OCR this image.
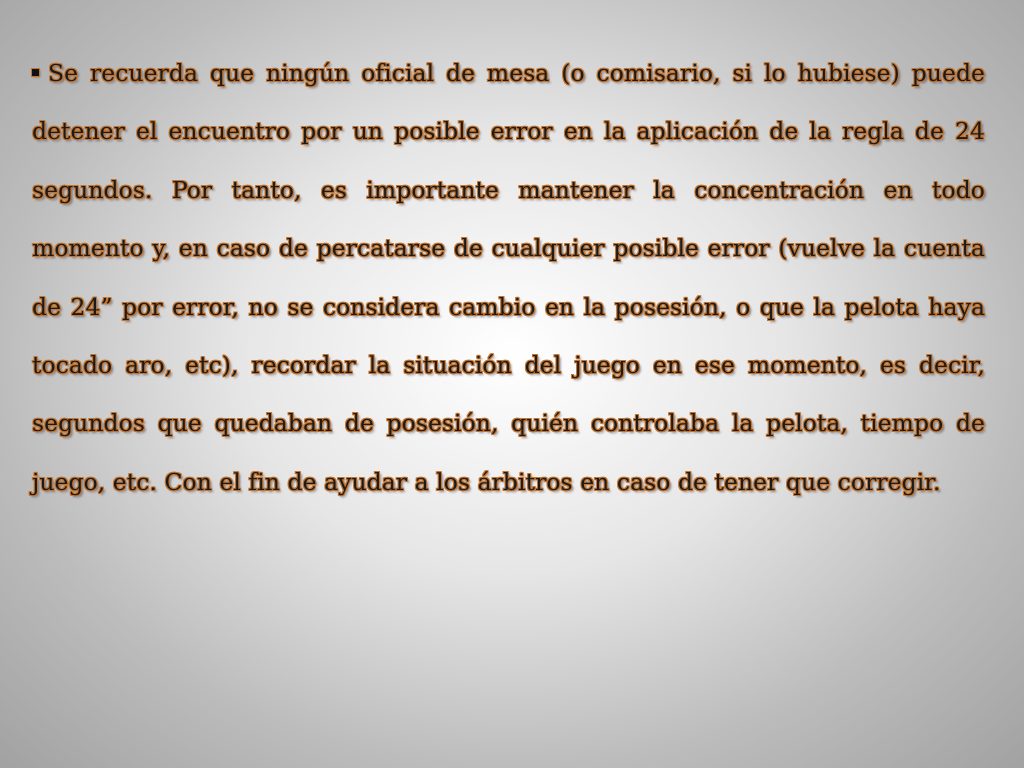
Se recuerda que ningún oficial de mesa (o comisario, si lo hubiese) puede detener el encuentro por un posible error en la aplicación de la regla de 24 segundos. Por tanto, es importante mantener la concentración en todo momento y, en caso de percatarse de cualquier posible error (vuelve la cuenta de 24” por error, no se considera cambio en la posesión, o que la pelota haya tocado aro, etc), recordar la situación del juego en ese momento, es decir, segundos que quedaban de posesión, quién controlaba la pelota, tiempo de juego, etc. Con el fin de ayudar a los árbitros en caso de tener que corregir.
